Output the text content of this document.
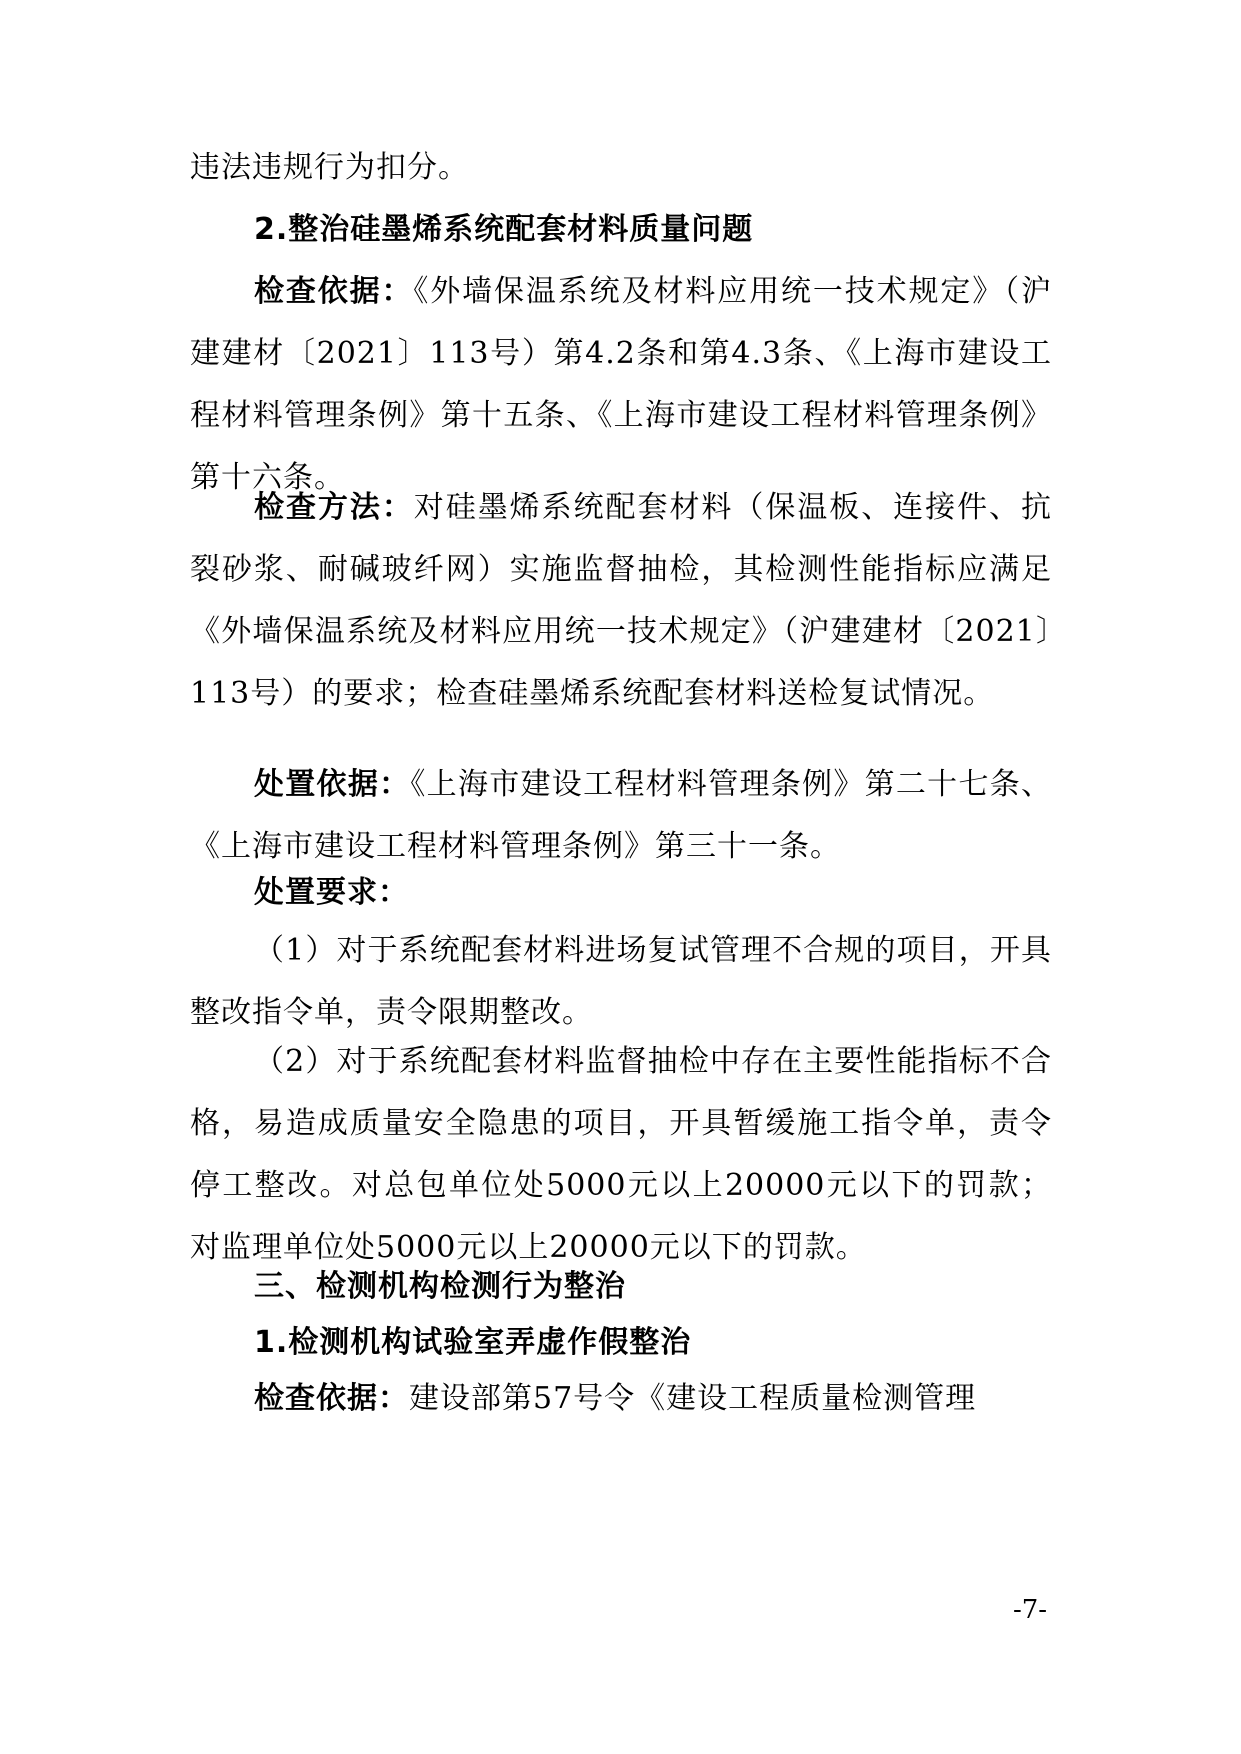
违法违规行为扣分。

2.整治硅墨烯系统配套材料质量问题

检查依据：《外墙保温系统及材料应用统一技术规定》（沪建建材〔2021〕113号）第4.2条和第4.3条、《上海市建设工程材料管理条例》第十五条、《上海市建设工程材料管理条例》第十六条。

检查方法：对硅墨烯系统配套材料（保温板、连接件、抗裂砂浆、耐碱玻纤网）实施监督抽检，其检测性能指标应满足《外墙保温系统及材料应用统一技术规定》（沪建建材〔2021〕113号）的要求；检查硅墨烯系统配套材料送检复试情况。

处置依据：《上海市建设工程材料管理条例》第二十七条、《上海市建设工程材料管理条例》第三十一条。

处置要求：

（1）对于系统配套材料进场复试管理不合规的项目，开具整改指令单，责令限期整改。

（2）对于系统配套材料监督抽检中存在主要性能指标不合格，易造成质量安全隐患的项目，开具暂缓施工指令单，责令停工整改。对总包单位处5000元以上20000元以下的罚款；对监理单位处5000元以上20000元以下的罚款。

三、检测机构检测行为整治

1.检测机构试验室弄虚作假整治

检查依据：建设部第57号令《建设工程质量检测管理

-7-
